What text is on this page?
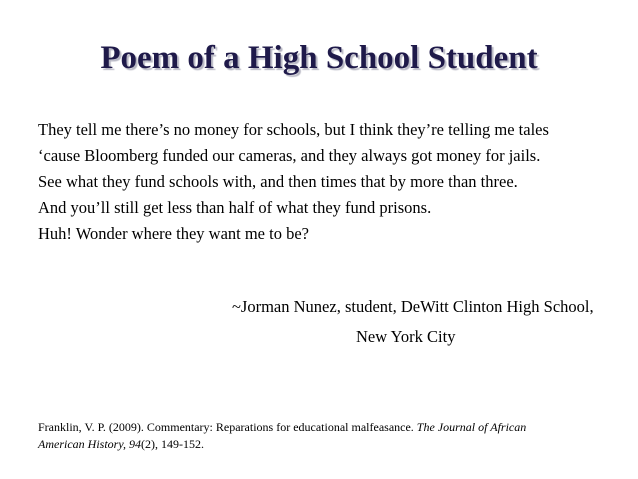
Poem of a High School Student
They tell me there’s no money for schools, but I think they’re telling me tales
‘cause Bloomberg funded our cameras, and they always got money for jails.
See what they fund schools with, and then times that by more than three.
And you’ll still get less than half of what they fund prisons.
Huh! Wonder where they want me to be?
~Jorman Nunez, student, DeWitt Clinton High School,
New York City
Franklin, V. P. (2009). Commentary: Reparations for educational malfeasance. The Journal of African
American History, 94(2), 149-152.
